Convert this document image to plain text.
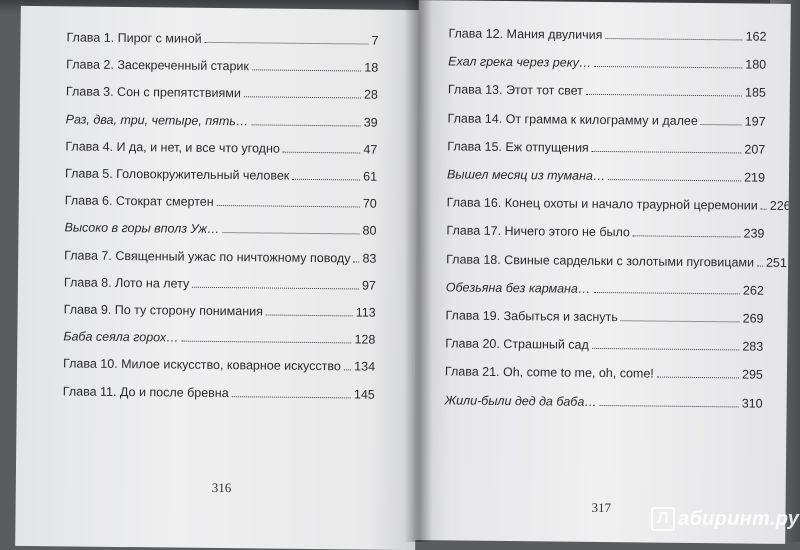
Глава 1. Пирог с миной	7
Глава 2. Засекреченный старик	18
Глава 3. Сон с препятствиями	28
Раз, два, три, четыре, пять…	39
Глава 4. И да, и нет, и все что угодно	47
Глава 5. Головокружительный человек	61
Глава 6. Стократ смертен	70
Высоко в горы вполз Уж…	80
Глава 7. Священный ужас по ничтожному поводу 83
Глава 8. Лото на лету	97
Глава 9. По ту сторону понимания	113
Баба сеяла горох…	128
Глава 10. Милое искусство, коварное искусство 134
Глава 11. До и после бревна	145
316
Глава 12. Мания двуличия	162
Ехал грека через реку…	180
Глава 13. Этот тот свет	185
Глава 14. От грамма к килограмму и далее	197
Глава 15. Еж отпущения	207
Вышел месяц из тумана…	219
Глава 16. Конец охоты и начало траурной церемонии 226
Глава 17. Ничего этого не было	239
Глава 18. Свиные сардельки с золотыми пуговицами 251
Обезьяна без кармана…	262
Глава 19. Забыться и заснуть	269
Глава 20. Страшный сад	283
Глава 21. Oh, come to me, oh, come!	295
Жили-были дед да баба…	310
317
Л абиринт.ру
